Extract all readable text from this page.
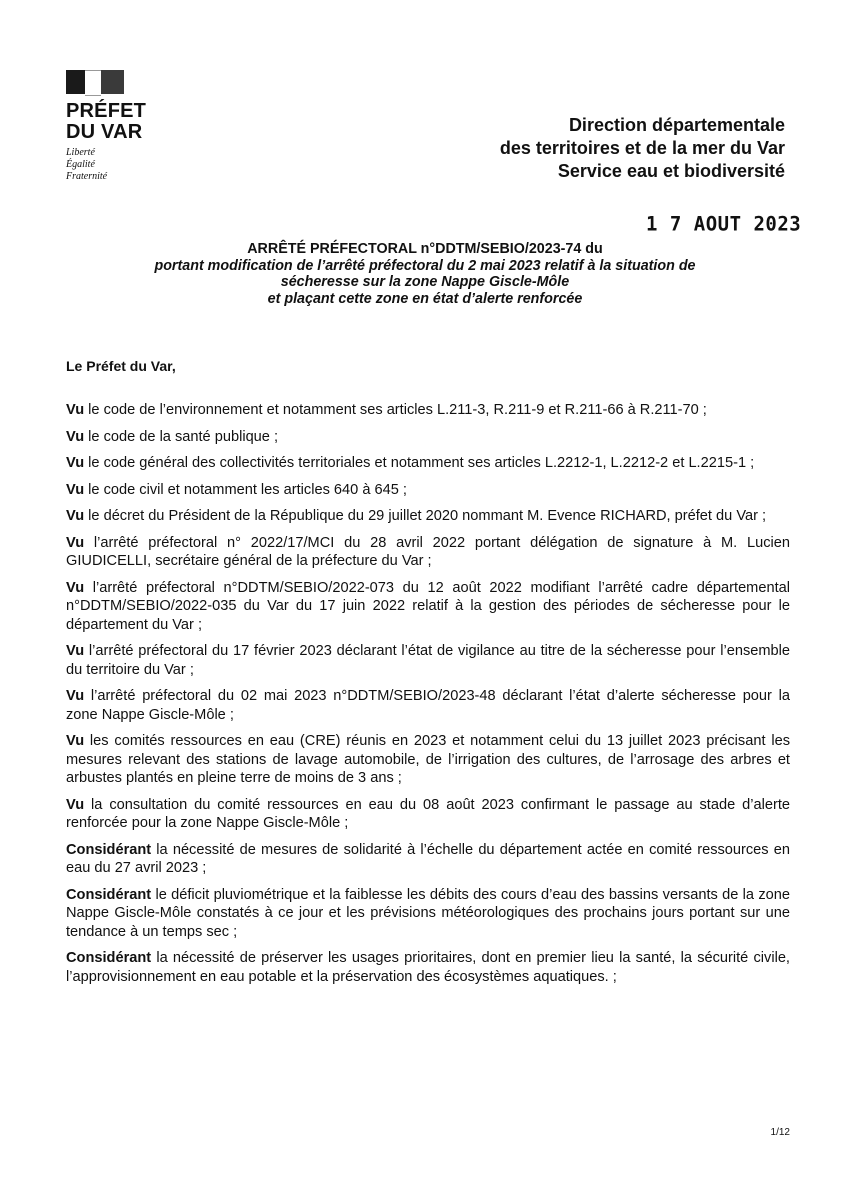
PRÉFET
DU VAR
Liberté
Égalité
Fraternité
Direction départementale
des territoires et de la mer du Var
Service eau et biodiversité
1 7 AOUT 2023
ARRÊTÉ PRÉFECTORAL n°DDTM/SEBIO/2023-74 du
portant modification de l’arrêté préfectoral du 2 mai 2023 relatif à la situation de
sécheresse sur la zone Nappe Giscle-Môle
et plaçant cette zone en état d’alerte renforcée
Le Préfet du Var,

Vu le code de l’environnement et notamment ses articles L.211-3, R.211-9 et R.211-66 à R.211-70 ;

Vu le code de la santé publique ;

Vu le code général des collectivités territoriales et notamment ses articles L.2212-1, L.2212-2 et L.2215-1 ;

Vu le code civil et notamment les articles 640 à 645 ;

Vu le décret du Président de la République du 29 juillet 2020 nommant M. Evence RICHARD, préfet du Var ;

Vu l’arrêté préfectoral n° 2022/17/MCI du 28 avril 2022 portant délégation de signature à M. Lucien GIUDICELLI, secrétaire général de la préfecture du Var ;

Vu l’arrêté préfectoral n°DDTM/SEBIO/2022-073 du 12 août 2022 modifiant l’arrêté cadre départemental n°DDTM/SEBIO/2022-035 du Var du 17 juin 2022 relatif à la gestion des périodes de sécheresse pour le département du Var ;

Vu l’arrêté préfectoral du 17 février 2023 déclarant l’état de vigilance au titre de la sécheresse pour l’ensemble du territoire du Var ;

Vu l’arrêté préfectoral du 02 mai 2023 n°DDTM/SEBIO/2023-48 déclarant l’état d’alerte sécheresse pour la zone Nappe Giscle-Môle ;

Vu les comités ressources en eau (CRE) réunis en 2023 et notamment celui du 13 juillet 2023 précisant les mesures relevant des stations de lavage automobile, de l’irrigation des cultures, de l’arrosage des arbres et arbustes plantés en pleine terre de moins de 3 ans ;

Vu la consultation du comité ressources en eau du 08 août 2023 confirmant le passage au stade d’alerte renforcée pour la zone Nappe Giscle-Môle ;

Considérant la nécessité de mesures de solidarité à l’échelle du département actée en comité ressources en eau du 27 avril 2023 ;

Considérant le déficit pluviométrique et la faiblesse les débits des cours d’eau des bassins versants de la zone Nappe Giscle-Môle constatés à ce jour et les prévisions météorologiques des prochains jours portant sur une tendance à un temps sec ;

Considérant la nécessité de préserver les usages prioritaires, dont en premier lieu la santé, la sécurité civile, l’approvisionnement en eau potable et la préservation des écosystèmes aquatiques. ;

1/12
